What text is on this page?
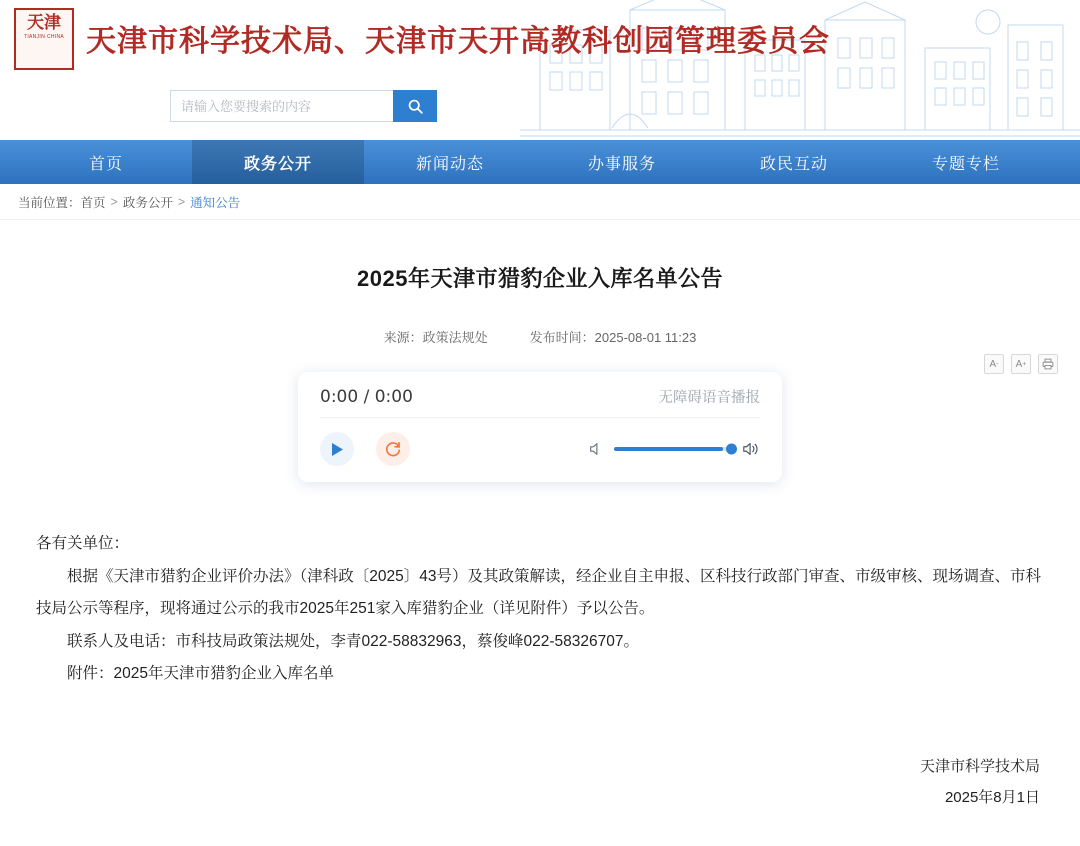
天津
TIANJIN·CHINA 天津市科学技术局、天津市天开高教科创园管理委员会
请输入您要搜索的内容
首页	政务公开	新闻动态	办事服务	政民互动	专题专栏
当前位置： 首页 > 政务公开 > 通知公告
2025年天津市猎豹企业入库名单公告
来源：政策法规处	发布时间：2025-08-01 11:23
A - A +
0:00 / 0:00	无障碍语音播报

各有关单位：

根据《天津市猎豹企业评价办法》（津科政〔2025〕43号）及其政策解读，经企业自主申报、区科技行政部门审查、市级审核、现场调查、市科技局公示等程序，现将通过公示的我市2025年251家入库猎豹企业（详见附件）予以公告。

联系人及电话：市科技局政策法规处，李青022-58832963，蔡俊峰022-58326707。

附件：2025年天津市猎豹企业入库名单

天津市科学技术局
2025年8月1日
